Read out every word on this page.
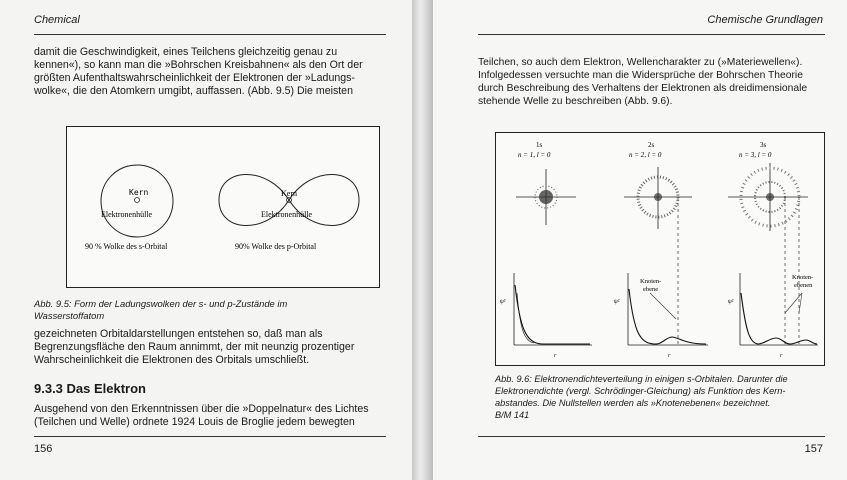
Chemical
damit die Geschwindigkeit, eines Teilchens gleichzeitig genau zu
kennen«), so kann man die »Bohrschen Kreisbahnen« als den Ort der
größten Aufenthaltswahrscheinlichkeit der Elektronen der »Ladungs-
wolke«, die den Atomkern umgibt, auffassen. (Abb. 9.5) Die meisten
Kern
Elektronenhülle
90 % Wolke des s-Orbital
Kern
Elektronenhülle
90% Wolke des p-Orbital
Abb. 9.5: Form der Ladungswolken der s- und p-Zustände im
Wasserstoffatom
gezeichneten Orbitaldarstellungen entstehen so, daß man als
Begrenzungsfläche den Raum annimmt, der mit neunzig prozentiger
Wahrscheinlichkeit die Elektronen des Orbitals umschließt.
9.3.3 Das Elektron
Ausgehend von den Erkenntnissen über die »Doppelnatur« des Lichtes
(Teilchen und Welle) ordnete 1924 Louis de Broglie jedem bewegten
156
Chemische Grundlagen
Teilchen, so auch dem Elektron, Wellencharakter zu (»Materiewellen«).
Infolgedessen versuchte man die Widersprüche der Bohrschen Theorie
durch Beschreibung des Verhaltens der Elektronen als dreidimensionale
stehende Welle zu beschreiben (Abb. 9.6).
1s
n = 1, l = 0
2s
n = 2, l = 0
3s
n = 3, l = 0
ψ²
r
ψ²
r
Knoten-
ebene
ψ²
r
Knoten-
ebenen
Abb. 9.6: Elektronendichteverteilung in einigen s-Orbitalen. Darunter die
Elektronendichte (vergl. Schrödinger-Gleichung) als Funktion des Kern-
abstandes. Die Nullstellen werden als »Knotenebenen« bezeichnet.
B/M 141
157
